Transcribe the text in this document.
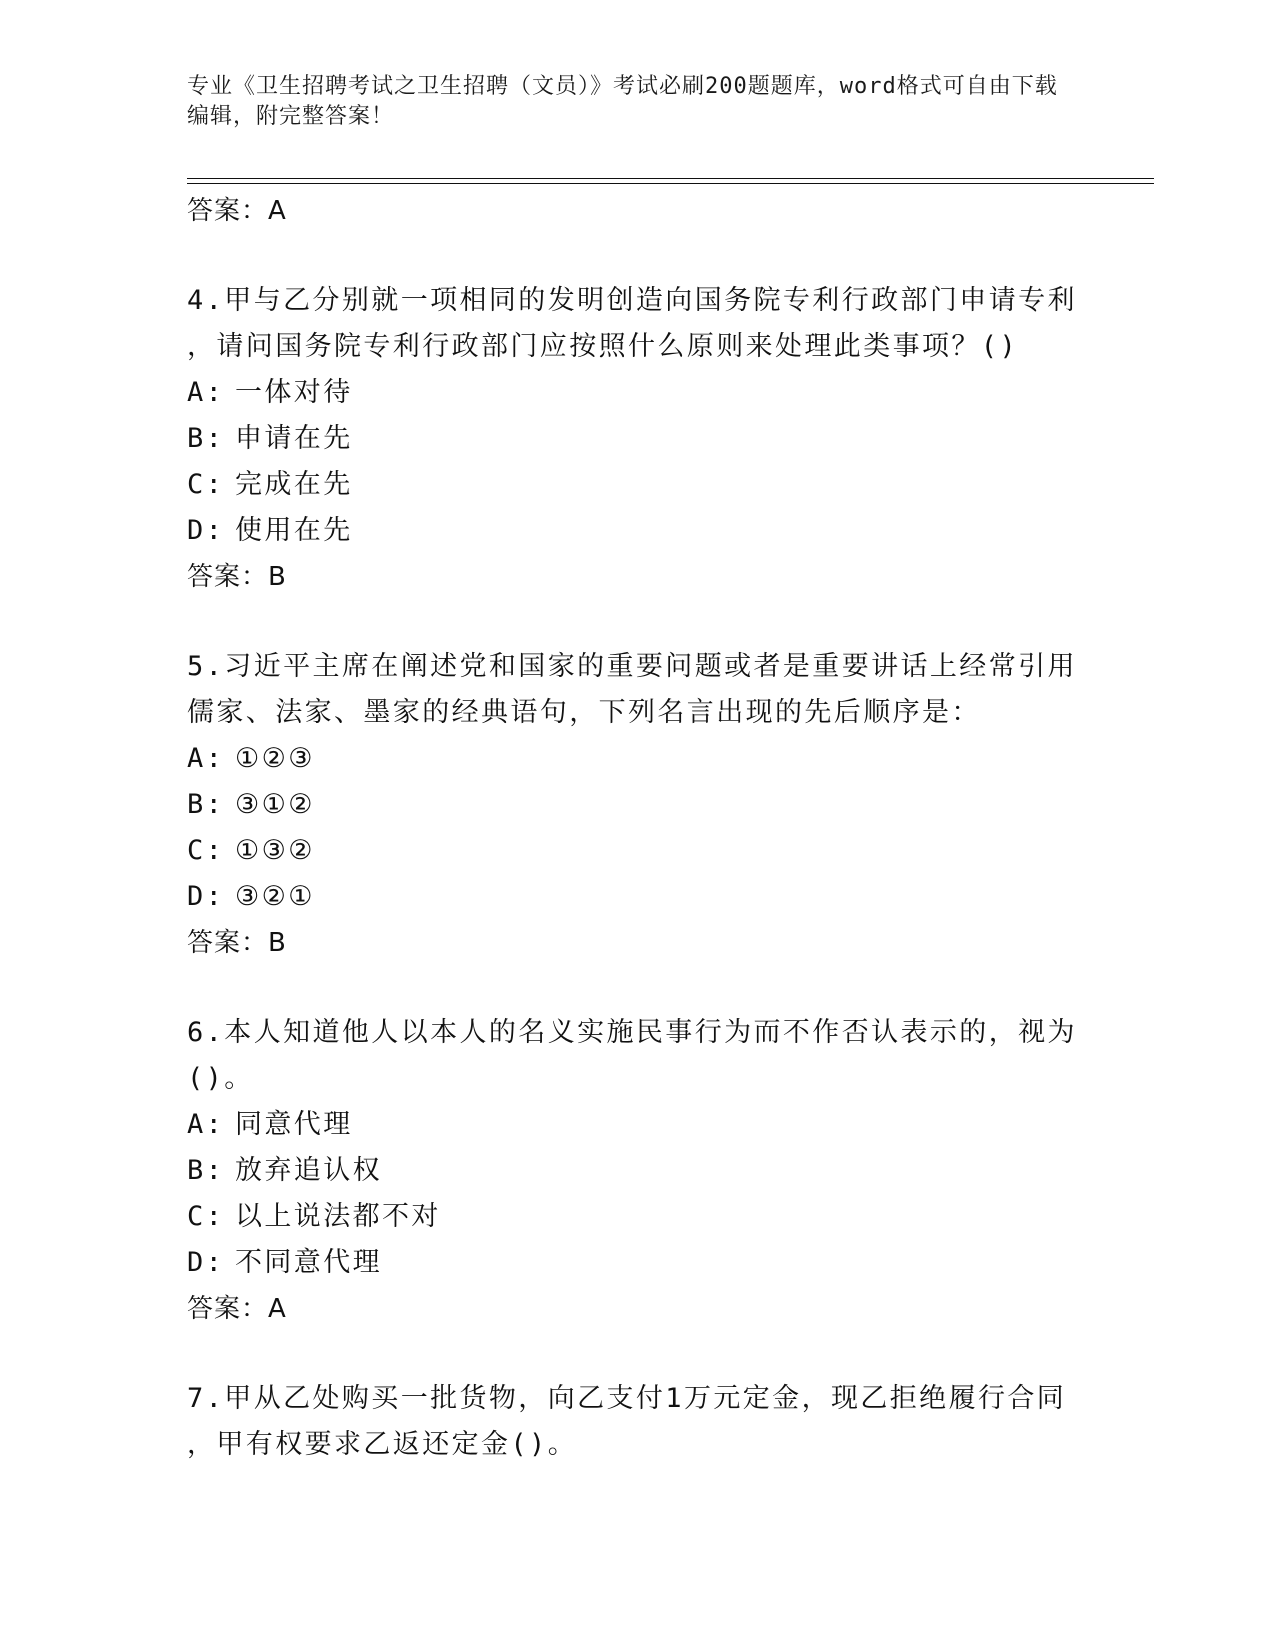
专业《卫生招聘考试之卫生招聘（文员）》考试必刷200题题库，word格式可自由下载编辑，附完整答案！
答案：A
4.甲与乙分别就一项相同的发明创造向国务院专利行政部门申请专利
，请问国务院专利行政部门应按照什么原则来处理此类事项？()
A: 一体对待
B: 申请在先
C: 完成在先
D: 使用在先
答案：B
5.习近平主席在阐述党和国家的重要问题或者是重要讲话上经常引用
儒家、法家、墨家的经典语句，下列名言出现的先后顺序是：
A: ①②③
B: ③①②
C: ①③②
D: ③②①
答案：B
6.本人知道他人以本人的名义实施民事行为而不作否认表示的，视为
()。
A: 同意代理
B: 放弃追认权
C: 以上说法都不对
D: 不同意代理
答案：A
7.甲从乙处购买一批货物，向乙支付1万元定金，现乙拒绝履行合同
，甲有权要求乙返还定金()。
